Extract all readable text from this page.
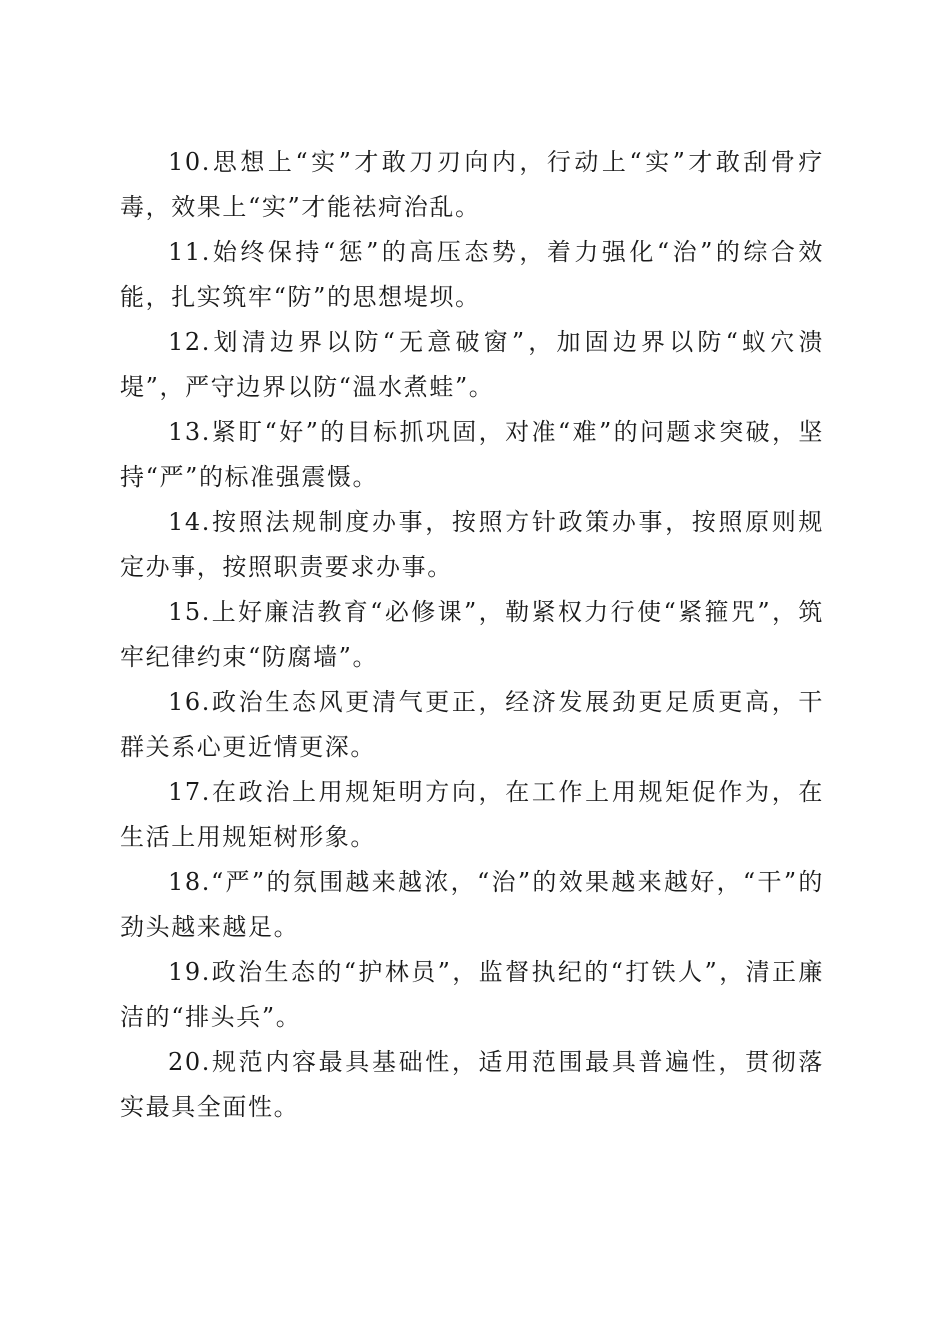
10.思想上“实”才敢刀刃向内，行动上“实”才敢刮骨疗毒，效果上“实”才能祛疴治乱。

11.始终保持“惩”的高压态势，着力强化“治”的综合效能，扎实筑牢“防”的思想堤坝。

12.划清边界以防“无意破窗”，加固边界以防“蚁穴溃堤”，严守边界以防“温水煮蛙”。

13.紧盯“好”的目标抓巩固，对准“难”的问题求突破，坚持“严”的标准强震慑。

14.按照法规制度办事，按照方针政策办事，按照原则规定办事，按照职责要求办事。

15.上好廉洁教育“必修课”，勒紧权力行使“紧箍咒”，筑牢纪律约束“防腐墙”。

16.政治生态风更清气更正，经济发展劲更足质更高，干群关系心更近情更深。

17.在政治上用规矩明方向，在工作上用规矩促作为，在生活上用规矩树形象。

18.“严”的氛围越来越浓，“治”的效果越来越好，“干”的劲头越来越足。

19.政治生态的“护林员”，监督执纪的“打铁人”，清正廉洁的“排头兵”。

20.规范内容最具基础性，适用范围最具普遍性，贯彻落实最具全面性。
